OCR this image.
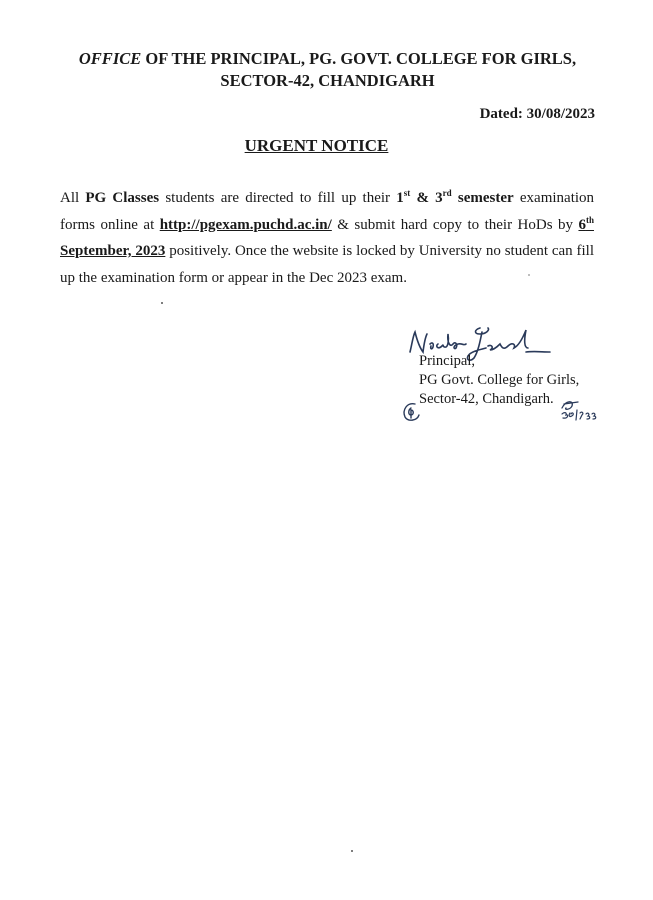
OFFICE OF THE PRINCIPAL, PG. GOVT. COLLEGE FOR GIRLS,
SECTOR-42, CHANDIGARH
Dated: 30/08/2023
URGENT NOTICE

All PG Classes students are directed to fill up their 1st & 3rd semester examination forms online at http://pgexam.puchd.ac.in/ & submit hard copy to their HoDs by 6th September, 2023 positively. Once the website is locked by University no student can fill up the examination form or appear in the Dec 2023 exam.

Principal,
PG Govt. College for Girls,
Sector-42, Chandigarh.
